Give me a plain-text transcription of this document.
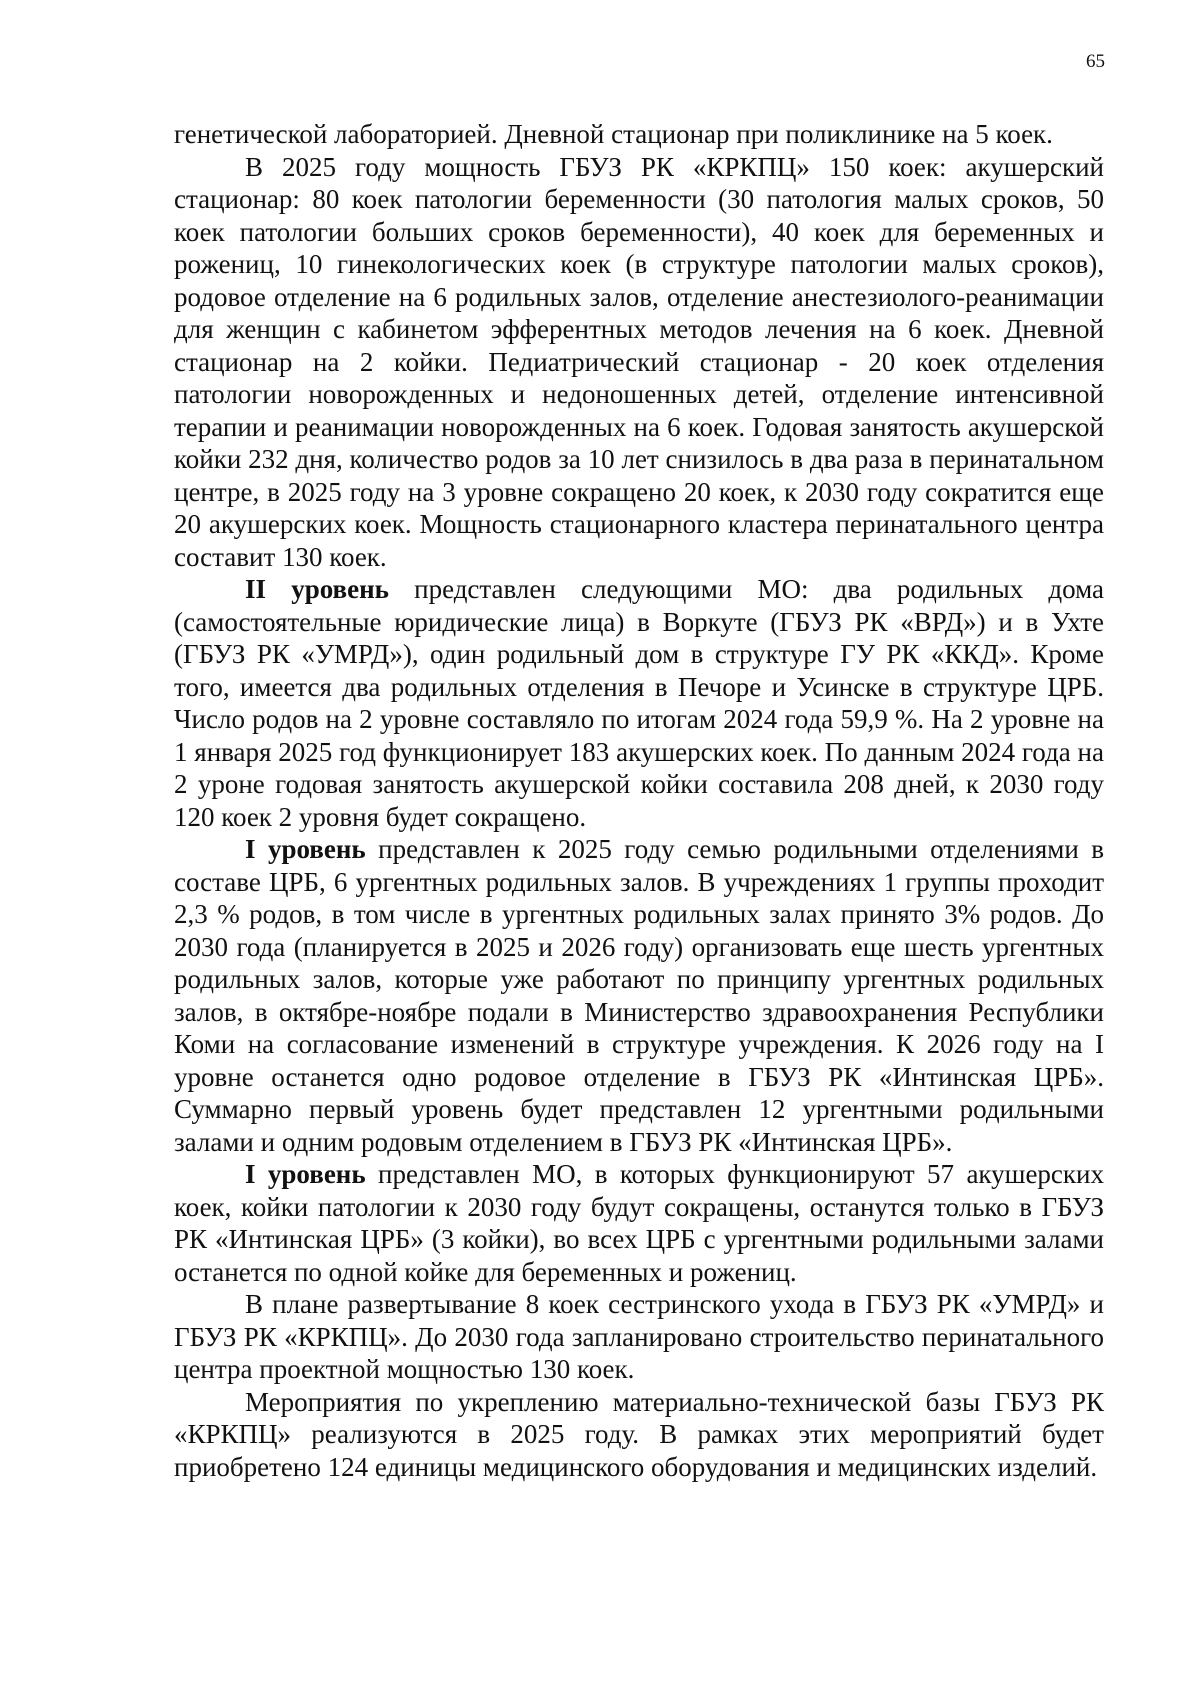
65

генетической лабораторией. Дневной стационар при поликлинике на 5 коек.

В 2025 году мощность ГБУЗ РК «КРКПЦ» 150 коек: акушерский стационар: 80 коек патологии беременности (30 патология малых сроков, 50 коек патологии больших сроков беременности), 40 коек для беременных и рожениц, 10 гинекологических коек (в структуре патологии малых сроков), родовое отделение на 6 родильных залов, отделение анестезиолого-реанимации для женщин с кабинетом эфферентных методов лечения на 6 коек. Дневной стационар на 2 койки. Педиатрический стационар - 20 коек отделения патологии новорожденных и недоношенных детей, отделение интенсивной терапии и реанимации новорожденных на 6 коек. Годовая занятость акушерской койки 232 дня, количество родов за 10 лет снизилось в два раза в перинатальном центре, в 2025 году на 3 уровне сокращено 20 коек, к 2030 году сократится еще 20 акушерских коек. Мощность стационарного кластера перинатального центра составит 130 коек.

II уровень представлен следующими МО: два родильных дома (самостоятельные юридические лица) в Воркуте (ГБУЗ РК «ВРД») и в Ухте (ГБУЗ РК «УМРД»), один родильный дом в структуре ГУ РК «ККД». Кроме того, имеется два родильных отделения в Печоре и Усинске в структуре ЦРБ. Число родов на 2 уровне составляло по итогам 2024 года 59,9 %. На 2 уровне на 1 января 2025 год функционирует 183 акушерских коек. По данным 2024 года на 2 уроне годовая занятость акушерской койки составила 208 дней, к 2030 году 120 коек 2 уровня будет сокращено.

I уровень представлен к 2025 году семью родильными отделениями в составе ЦРБ, 6 ургентных родильных залов. В учреждениях 1 группы проходит 2,3 % родов, в том числе в ургентных родильных залах принято 3% родов. До 2030 года (планируется в 2025 и 2026 году) организовать еще шесть ургентных родильных залов, которые уже работают по принципу ургентных родильных залов, в октябре-ноябре подали в Министерство здравоохранения Республики Коми на согласование изменений в структуре учреждения. К 2026 году на I уровне останется одно родовое отделение в ГБУЗ РК «Интинская ЦРБ». Суммарно первый уровень будет представлен 12 ургентными родильными залами и одним родовым отделением в ГБУЗ РК «Интинская ЦРБ».

I уровень представлен МО, в которых функционируют 57 акушерских коек, койки патологии к 2030 году будут сокращены, останутся только в ГБУЗ РК «Интинская ЦРБ» (3 койки), во всех ЦРБ с ургентными родильными залами останется по одной койке для беременных и рожениц.

В плане развертывание 8 коек сестринского ухода в ГБУЗ РК «УМРД» и ГБУЗ РК «КРКПЦ». До 2030 года запланировано строительство перинатального центра проектной мощностью 130 коек.

Мероприятия по укреплению материально-технической базы ГБУЗ РК «КРКПЦ» реализуются в 2025 году. В рамках этих мероприятий будет приобретено 124 единицы медицинского оборудования и медицинских изделий.
